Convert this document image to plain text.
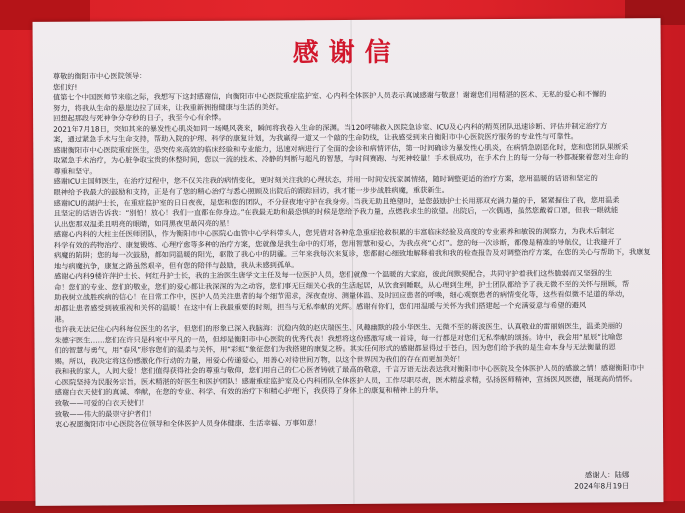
感谢信
尊敬的衡阳市中心医院领导：
您们好!
值第七个中国医师节来临之际，我想写下这封感谢信，向衡阳市中心医院重症监护室、心内科全体医护人员表示真诚感谢与敬意！谢谢您们用精湛的医术、无私的爱心和不懈的
努力，将我从生命的悬崖边拉了回来，让我重新拥抱健康与生活的美好。
回想起那段与死神争分夺秒的日子，我至今心有余悸。
2021年7月18日，突如其来的暴发性心肌炎如同一场飓风袭来，瞬间将我卷入生命的深渊。当120呼啸救入医院急诊室、ICU及心内科的精英团队迅速诊断、评估并制定治疗方
案，通过紧急手术与生命支持，帮助入院的护理、科学的康复计划，为我赢得一道又一个敲的生命防线，让我感受到来自衡阳市中心医院医疗服务的专业性与可靠性。
感谢衡阳市中心医院重症医生，恐突传来高效的临床经验和专业能力，迅速对病进行了全面的会诊和病情评估，第一时间确诊为暴发性心肌炎，在病情急剧恶化时，您和您团队果断采
取紧急手术治疗，为心脏争取宝贵的休整时间，您以一流的技术、冷静的判断与超凡的智慧，与时间赛跑、与死神较量！手术很成功，在手术台上的每一分每一秒都凝聚着您对生命的
尊重和坚守。
感谢ICU主国师医生，在治疗过程中，您不仅关注我的病情变化，更时刻关注我的心理状态，并用一时间安抚家属情绪，随时调整更适的治疗方案，您用温暖的话语和坚定的
眼神给予我最大的鼓励和支持，正是有了您的精心治疗与悉心照顾及出院后的跟踪回访，我才能一步步战胜病魔，重获新生。
感谢ICU的湖护士长，在重症监护室的日日夜夜，是您和您的团队，不分昼夜地守护在我身旁。当我无助且绝望时，是您鼓励护士长用那双充满力量的手，紧紧握住了我，您用温柔
且坚定的话语告诉我：“别怕！放心！我们一直都在你身边。”在我最无助和最恐惧的时候是您给予我力量，点燃我求生的欲望。出院后，一次偶遇，虽然您戴着口罩，但我一眼就能
认出您那双温柔且明亮的眼睛，如同黑夜里最闪亮的星！
感谢心内科的大柱主任医师团队，作为衡阳市中心医院心血管中心学科带头人，您凭借对各种危急重症抢救积累的丰富临床经验及高度的专业素养和敏锐的洞察力，为我术后制定
科学有效的药物治疗、康复锻炼、心理疗愈等多种的治疗方案，您就像是我生命中的灯塔，您用智慧和爱心，为我点亮“心灯”。您的每一次诊断，都像是精准的导航仪，让我避开了
病魔的陷阱；您的每一次鼓励，都如同温暖的阳光，驱散了我心中的阴霾。三年来我每次来复诊，您都耐心细致地解释着我和我的检查报告及对调整治疗方案，在您的关心与帮助下，我康复
地与病魔抗争，康复之路虽然艰辛，但有您的陪伴与鼓励，我从未感到孤单。
感谢心内科9楼许萍护士长、何红丹护士长，我的主治医生唐学文主任及每一位医护人员，您们就像一个温暖的大家庭，彼此间默契配合，共同守护着我们这些脆弱而又坚强的生
命！您们的专业、您们的敬业，您们的爱心都让我深深的为之动容，您们事无巨细关心我的生活起居，从饮食到睡眠，从心理到生理，护士团队都给予了我无微不至的关怀与照顾，帮
助我树立战胜疾病的信心！在日常工作中，医护人员关注患者的每个细节需求，深夜查房、测量体温、及时回应患者的呼唤，细心观察患者的病情变化等，这些看似微不足道的举动，
却都让患者感受到被重视和关怀的温暖！在这中有上我最重要的时刻，担当与无私奉献的光辉。感谢有你们，您们用温暖与关怀为我们搭建起一个充满爱意与希望的避风
港。
也许我无法记住心内科每位医生的名字，但您们的形象已深入我脑海：沉稳内敛的赵庆瑞医生、风趣幽默的段小华医生、无微不至的蒋波医生、认真敬业的雷丽娟医生，温柔美丽的
朱德宇医生……您们在许只是科室中平凡的一员，但却是衡阳市中心医院的优秀代表！我想将这份感激写成一首诗，每一行都是对您们无私奉献的颂扬。诗中，我会用“星辰”比喻您
们的智慧与勇气，用“春风”形容您们的温柔与关怀，用“彩虹”象征您们为我搭建的康复之桥。其实任何形式的感谢都显得过于苍白，因为您们给予我的是生命本身与无法衡量的恩
赐。所以，我决定将这份感激化作行动的力量，用爱心传递爱心，用善心对待世间万物，以这个世界因为我们的存在而更加美好！
我和我的家人，人间大爱！您们值得获得社会的尊重与敬仰，您们用自己的仁心医者铸就了最高的敬意，千言万语无法表达我对衡阳市中心医院及全体医护人员的感激之情！感谢衡阳市中
心医院坚持为民服务宗旨，医术精湛的好医生和医护团队！感谢重症监护室及心内科团队全体医护人员，工作尽职尽责，医术精益求精，弘扬医师精神，宣扬医风医德，展现高尚情怀。
感谢白衣天使们的真诚、奉献，在您的专业、科学、有效的治疗下和精心护理下，我获得了身体上的康复和精神上的升华。
致敬——可爱的白衣天使们！
致敬——伟大的最崇守护者们！
衷心祝愿衡阳市中心医院各位领导和全体医护人员身体健康、生活幸福、万事如意！
感谢人：陆娜
2024年8月19日
